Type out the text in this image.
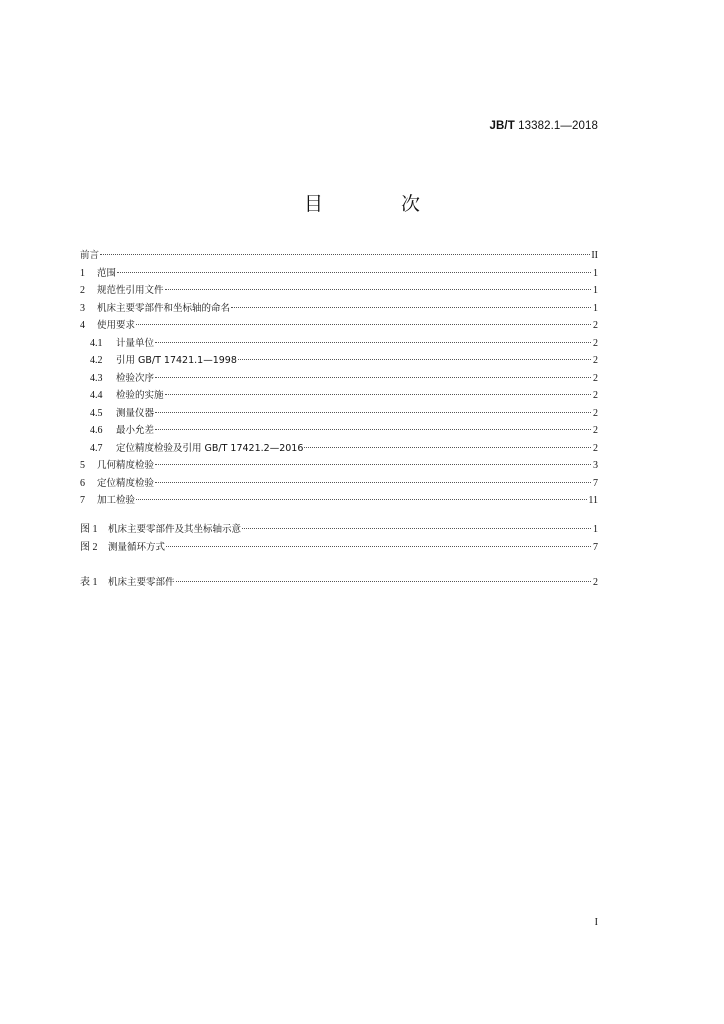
JB/T 13382.1—2018
目 次
前言	II
1	范围	1
2	规范性引用文件	1
3	机床主要零部件和坐标轴的命名	1
4	使用要求	2
4.1	计量单位	2
4.2	引用 GB/T 17421.1—1998	2
4.3	检验次序	2
4.4	检验的实施	2
4.5	测量仪器	2
4.6	最小允差	2
4.7	定位精度检验及引用 GB/T 17421.2—2016	2
5	几何精度检验	3
6	定位精度检验	7
7	加工检验	11
图 1	机床主要零部件及其坐标轴示意	1
图 2	测量循环方式	7
表 1	机床主要零部件	2
I
